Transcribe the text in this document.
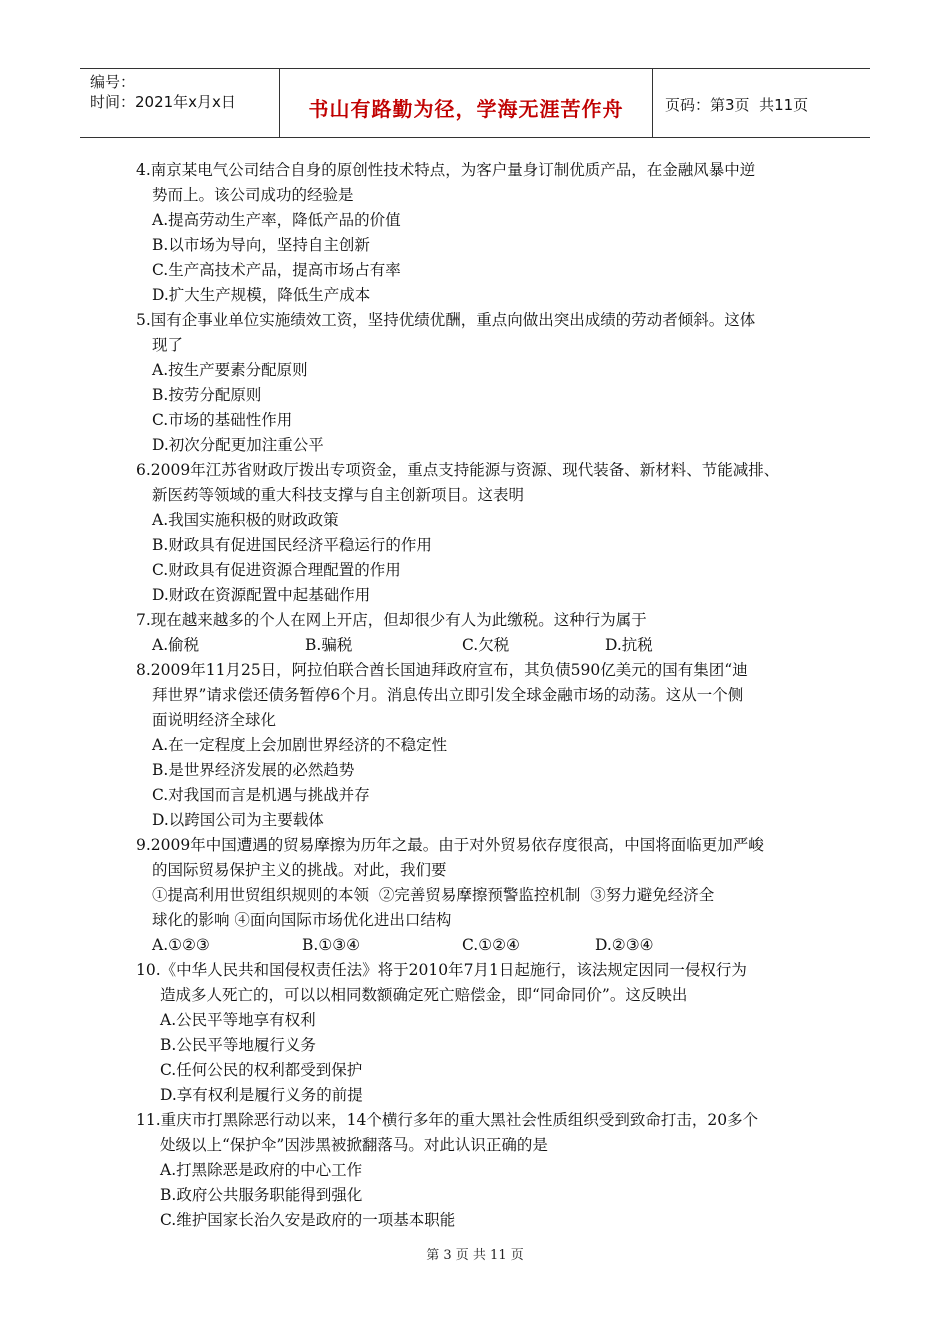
编号：
时间：2021年x月x日	书山有路勤为径，学海无涯苦作舟	页码：第3页  共11页
4.南京某电气公司结合自身的原创性技术特点，为客户量身订制优质产品，在金融风暴中逆
势而上。该公司成功的经验是
A.提高劳动生产率，降低产品的价值
B.以市场为导向，坚持自主创新
C.生产高技术产品，提高市场占有率
D.扩大生产规模，降低生产成本
5.国有企事业单位实施绩效工资，坚持优绩优酬，重点向做出突出成绩的劳动者倾斜。这体
现了
A.按生产要素分配原则
B.按劳分配原则
C.市场的基础性作用
D.初次分配更加注重公平
6.2009年江苏省财政厅拨出专项资金，重点支持能源与资源、现代装备、新材料、节能减排、
新医药等领域的重大科技支撑与自主创新项目。这表明
A.我国实施积极的财政政策
B.财政具有促进国民经济平稳运行的作用
C.财政具有促进资源合理配置的作用
D.财政在资源配置中起基础作用
7.现在越来越多的个人在网上开店，但却很少有人为此缴税。这种行为属于
A.偷税	B.骗税	C.欠税	D.抗税
8.2009年11月25日，阿拉伯联合酋长国迪拜政府宣布，其负债590亿美元的国有集团“迪
拜世界”请求偿还债务暂停6个月。消息传出立即引发全球金融市场的动荡。这从一个侧
面说明经济全球化
A.在一定程度上会加剧世界经济的不稳定性
B.是世界经济发展的必然趋势
C.对我国而言是机遇与挑战并存
D.以跨国公司为主要载体
9.2009年中国遭遇的贸易摩擦为历年之最。由于对外贸易依存度很高，中国将面临更加严峻
的国际贸易保护主义的挑战。对此，我们要
①提高利用世贸组织规则的本领  ②完善贸易摩擦预警监控机制  ③努力避免经济全
球化的影响 ④面向国际市场优化进出口结构
A.①②③	B.①③④	C.①②④	D.②③④
10.《中华人民共和国侵权责任法》将于2010年7月1日起施行，该法规定因同一侵权行为
造成多人死亡的，可以以相同数额确定死亡赔偿金，即“同命同价”。这反映出
A.公民平等地享有权利
B.公民平等地履行义务
C.任何公民的权利都受到保护
D.享有权利是履行义务的前提
11.重庆市打黑除恶行动以来，14个横行多年的重大黑社会性质组织受到致命打击，20多个
处级以上“保护伞”因涉黑被掀翻落马。对此认识正确的是
A.打黑除恶是政府的中心工作
B.政府公共服务职能得到强化
C.维护国家长治久安是政府的一项基本职能
第 3 页 共 11 页
